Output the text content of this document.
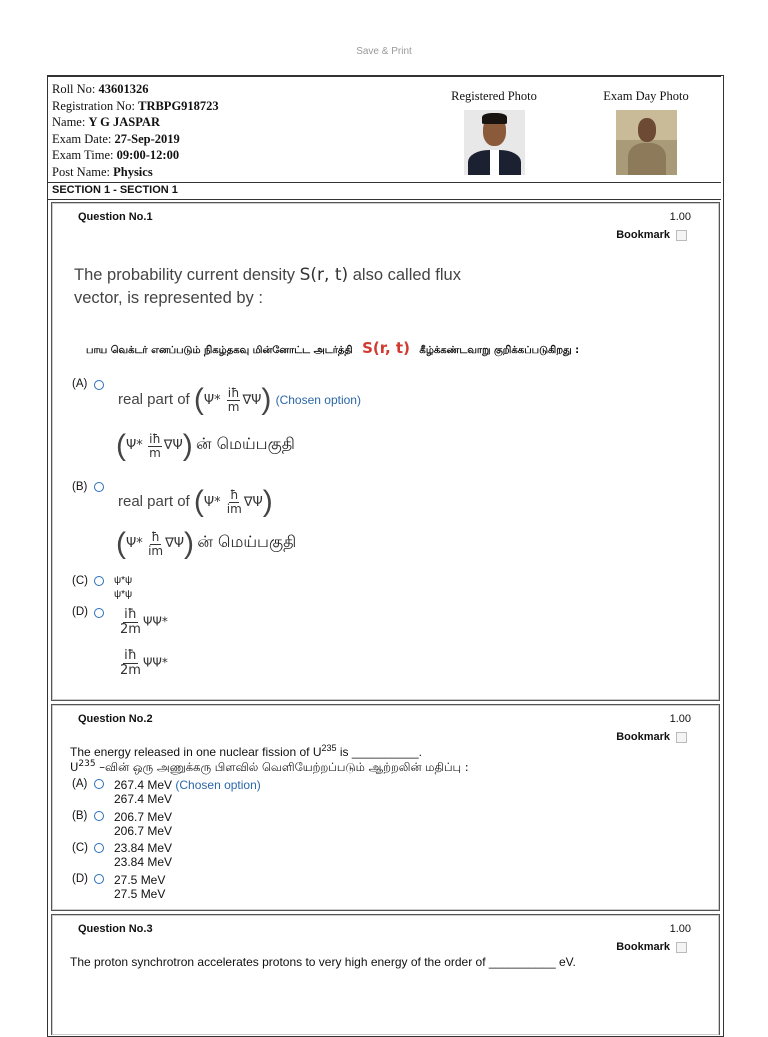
Save & Print
Roll No: 43601326
Registration No: TRBPG918723
Name: Y G JASPAR
Exam Date: 27-Sep-2019
Exam Time: 09:00-12:00
Post Name: Physics
Registered Photo	Exam Day Photo
SECTION 1 - SECTION 1
Question No.1	1.00
Bookmark
The probability current density S(r, t) also called flux
vector, is represented by :
பாய வெக்டர் எனப்படும் நிகழ்தகவு மின்னோட்ட அடர்த்தி S(r, t) கீழ்க்கண்டவாறு குறிக்கப்படுகிறது :
(A)
real part of $(\Psi* \frac{iħ}{m} \nabla\Psi)$ (Chosen option)
$(\Psi* \frac{iħ}{m} \nabla\Psi)$ ன் மெய்பகுதி
(B)
real part of $(\Psi* \frac{ħ}{im} \nabla\Psi)$
$(\Psi* \frac{ħ}{im} \nabla\Psi)$ ன் மெய்பகுதி
(C)	ψ*ψ
ψ*ψ
$(D) \frac{iħ}{2m} \Psi\Psi*$
$\frac{iħ}{2m} \Psi\Psi*$
Question No.2	1.00
Bookmark
The energy released in one nuclear fission of $U^{235}$ is __________.
$U^{235}$ –வின் ஒரு அணுக்கரு பிளவில் வெளியேற்றப்படும் ஆற்றலின் மதிப்பு :
(A) 267.4 MeV (Chosen option)
267.4 MeV
(B) 206.7 MeV
206.7 MeV
(C) 23.84 MeV
23.84 MeV
(D) 27.5 MeV
27.5 MeV
Question No.3	1.00
Bookmark
The proton synchrotron accelerates protons to very high energy of the order of __________ eV.
